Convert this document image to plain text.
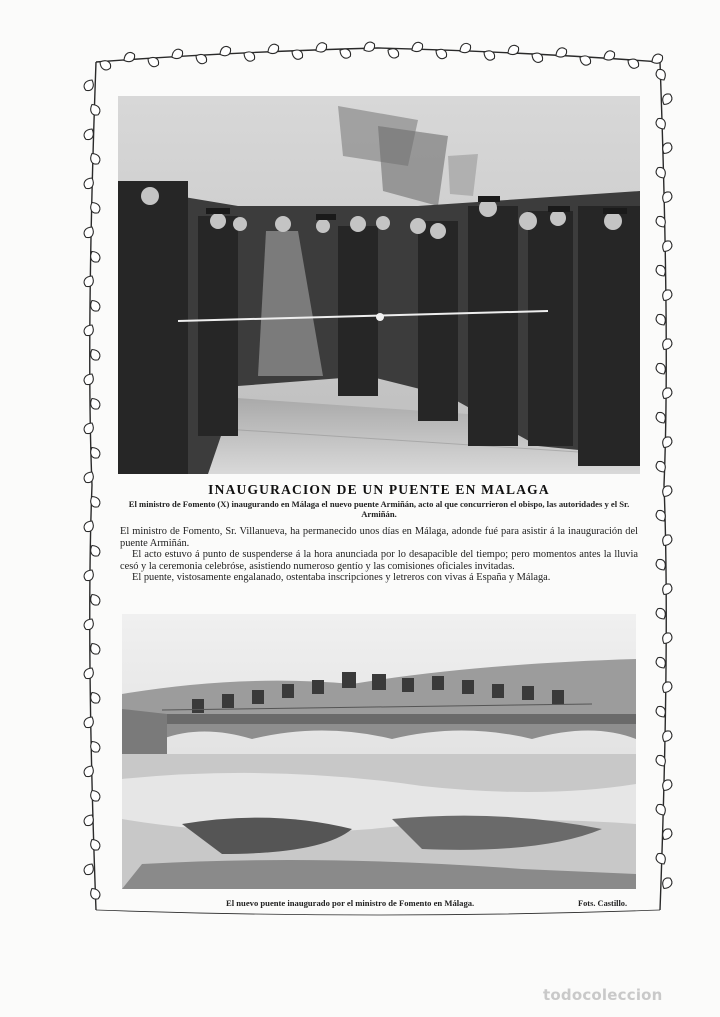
INAUGURACION DE UN PUENTE EN MALAGA
El ministro de Fomento (X) inaugurando en Málaga el nuevo puente Armiñán, acto al que concurrieron el obispo, las autoridades y el Sr. Armiñán.

El ministro de Fomento, Sr. Villanueva, ha permanecido unos días en Málaga, adonde fué para asistir á la inauguración del puente Armiñán.

El acto estuvo á punto de suspenderse á la hora anunciada por lo desapacible del tiempo; pero momentos antes la lluvia cesó y la ceremonia celebróse, asistiendo numeroso gentío y las comisiones oficiales invitadas.

El puente, vistosamente engalanado, ostentaba inscripciones y letreros con vivas á España y Málaga.

El nuevo puente inaugurado por el ministro de Fomento en Málaga.	Fots. Castillo.
todocoleccion
